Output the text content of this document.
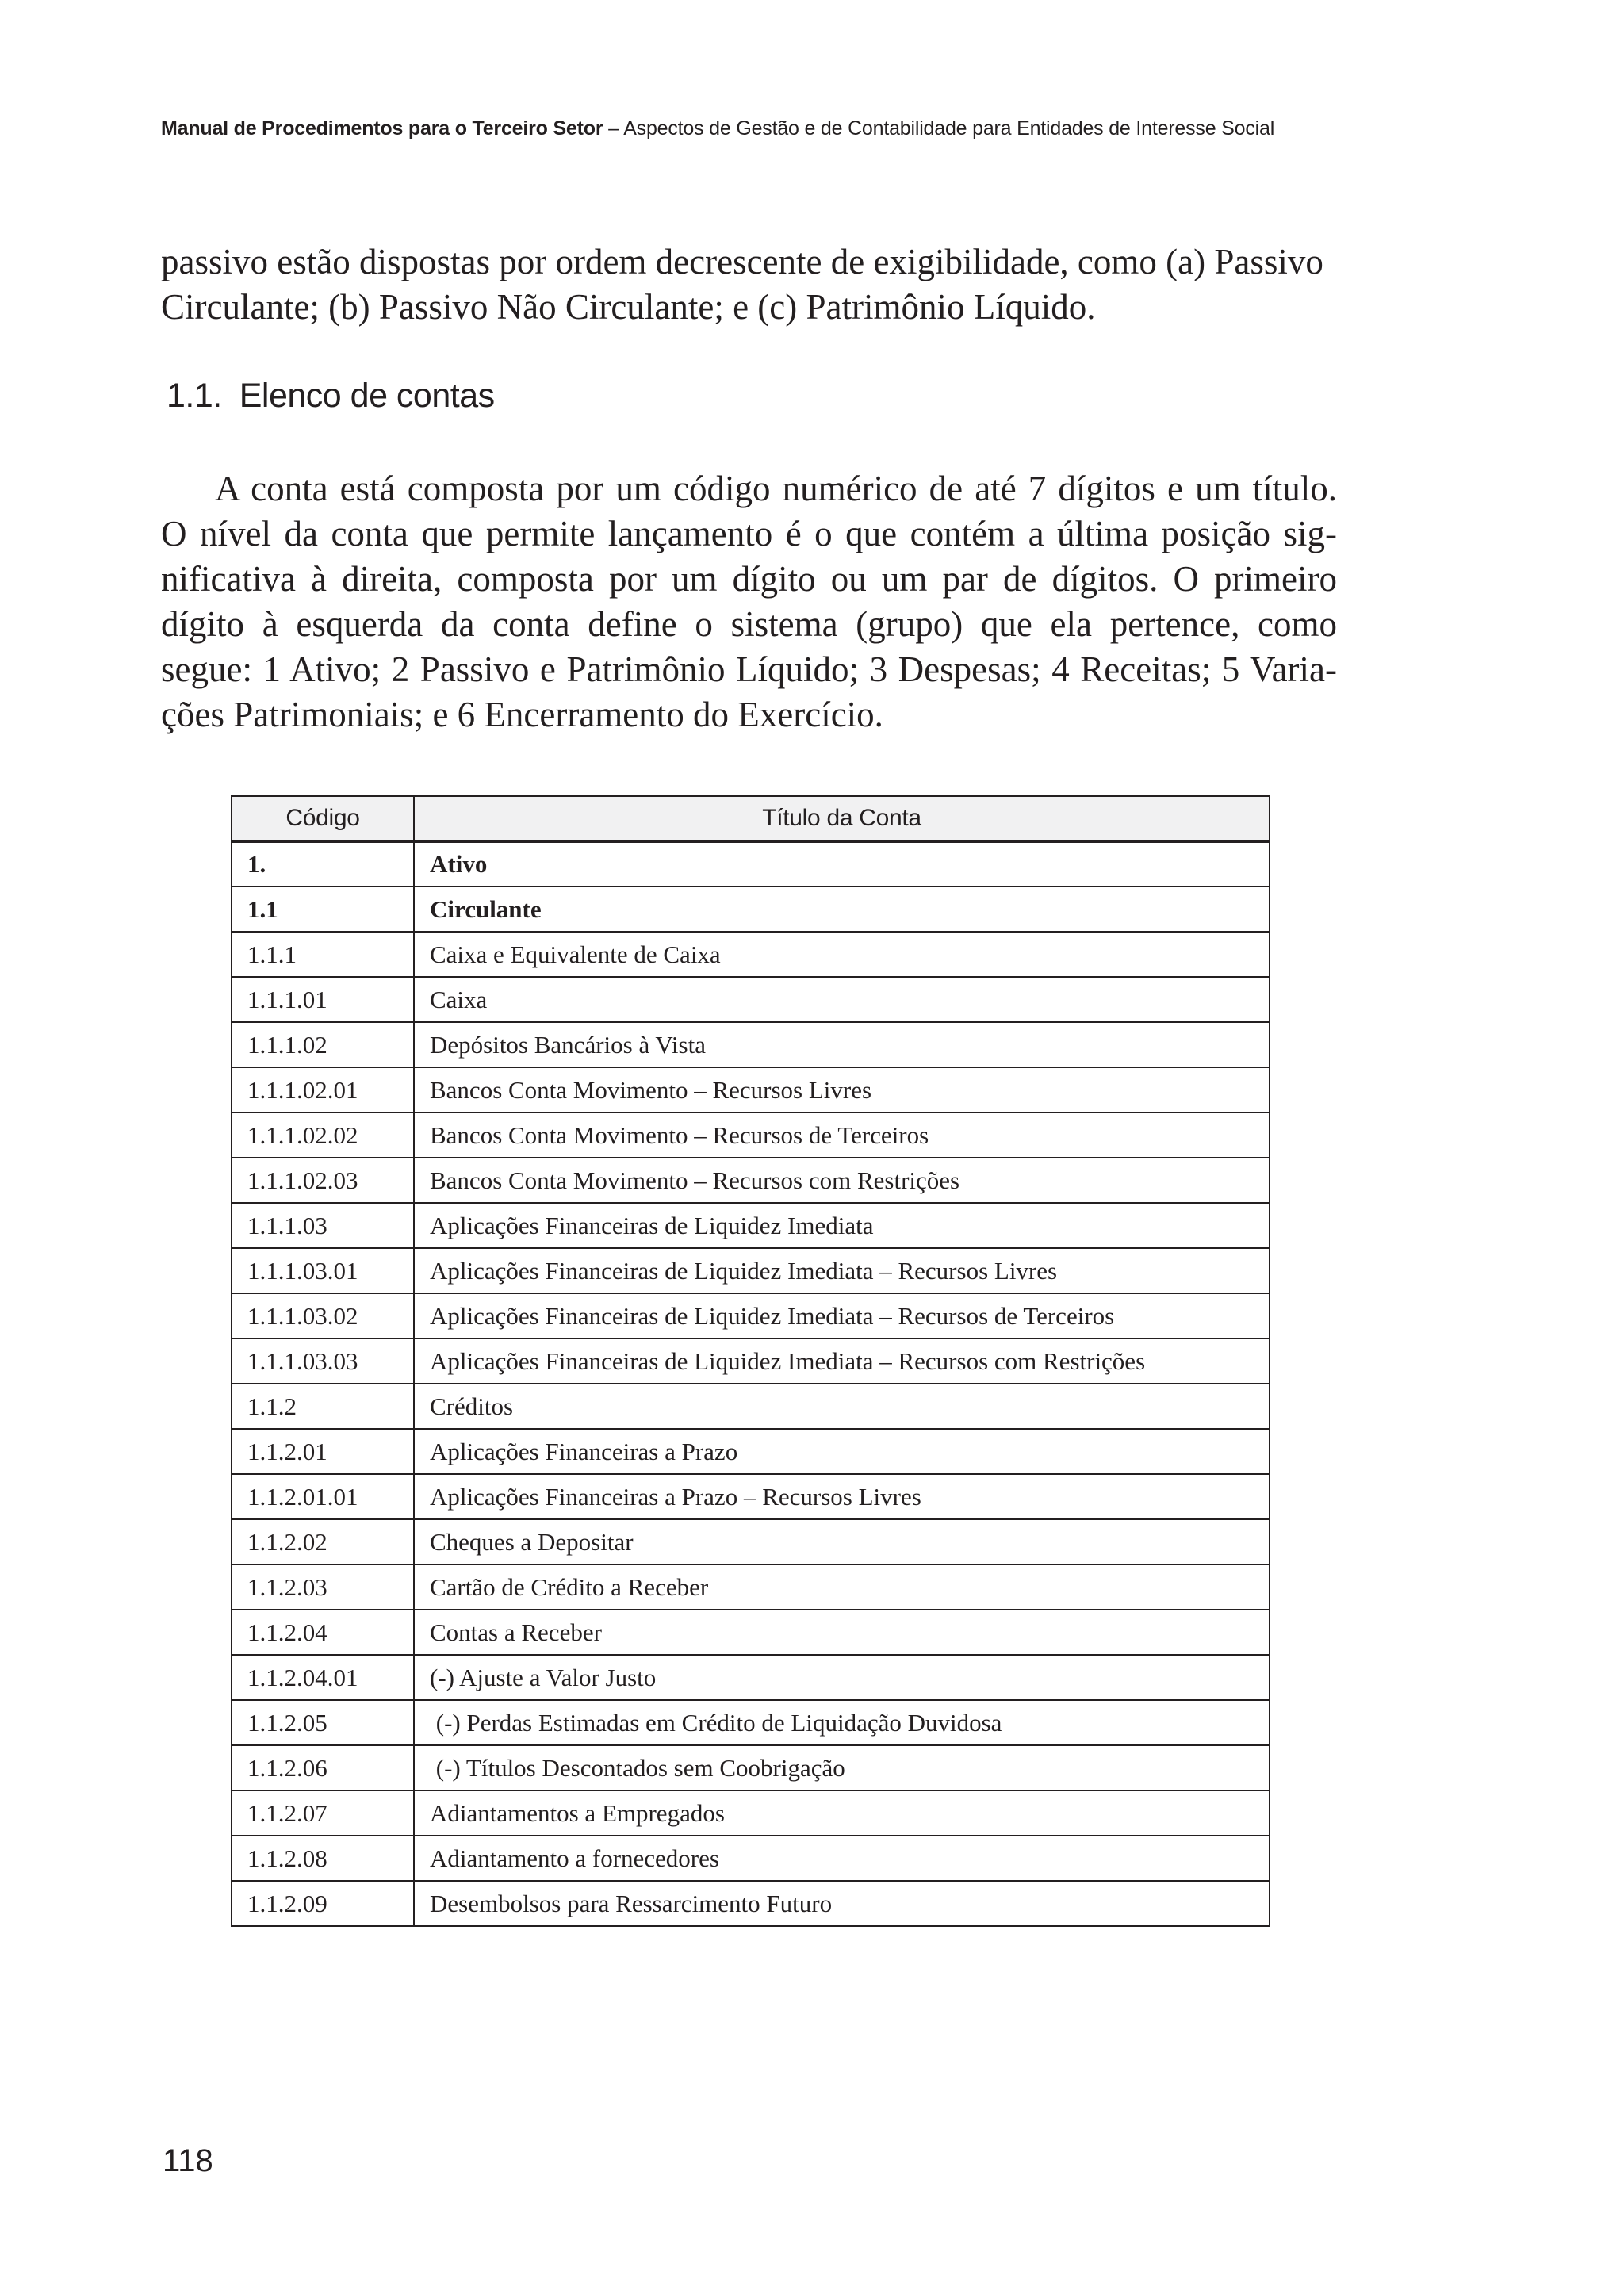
Manual de Procedimentos para o Terceiro Setor – Aspectos de Gestão e de Contabilidade para Entidades de Interesse Social
passivo estão dispostas por ordem decrescente de exigibilidade, como (a) Passivo
Circulante; (b) Passivo Não Circulante; e (c) Patrimônio Líquido.
1.1. Elenco de contas
A conta está composta por um código numérico de até 7 dígitos e um título.
O nível da conta que permite lançamento é o que contém a última posição sig-
nificativa à direita, composta por um dígito ou um par de dígitos. O primeiro
dígito à esquerda da conta define o sistema (grupo) que ela pertence, como
segue: 1 Ativo; 2 Passivo e Patrimônio Líquido; 3 Despesas; 4 Receitas; 5 Varia-
ções Patrimoniais; e 6 Encerramento do Exercício.
Código	Título da Conta
1.	Ativo
1.1	Circulante
1.1.1	Caixa e Equivalente de Caixa
1.1.1.01	Caixa
1.1.1.02	Depósitos Bancários à Vista
1.1.1.02.01	Bancos Conta Movimento – Recursos Livres
1.1.1.02.02	Bancos Conta Movimento – Recursos de Terceiros
1.1.1.02.03	Bancos Conta Movimento – Recursos com Restrições
1.1.1.03	Aplicações Financeiras de Liquidez Imediata
1.1.1.03.01	Aplicações Financeiras de Liquidez Imediata – Recursos Livres
1.1.1.03.02	Aplicações Financeiras de Liquidez Imediata – Recursos de Terceiros
1.1.1.03.03	Aplicações Financeiras de Liquidez Imediata – Recursos com Restrições
1.1.2	Créditos
1.1.2.01	Aplicações Financeiras a Prazo
1.1.2.01.01	Aplicações Financeiras a Prazo – Recursos Livres
1.1.2.02	Cheques a Depositar
1.1.2.03	Cartão de Crédito a Receber
1.1.2.04	Contas a Receber
1.1.2.04.01	(-) Ajuste a Valor Justo
1.1.2.05	(-) Perdas Estimadas em Crédito de Liquidação Duvidosa
1.1.2.06	(-) Títulos Descontados sem Coobrigação
1.1.2.07	Adiantamentos a Empregados
1.1.2.08	Adiantamento a fornecedores
1.1.2.09	Desembolsos para Ressarcimento Futuro
118
